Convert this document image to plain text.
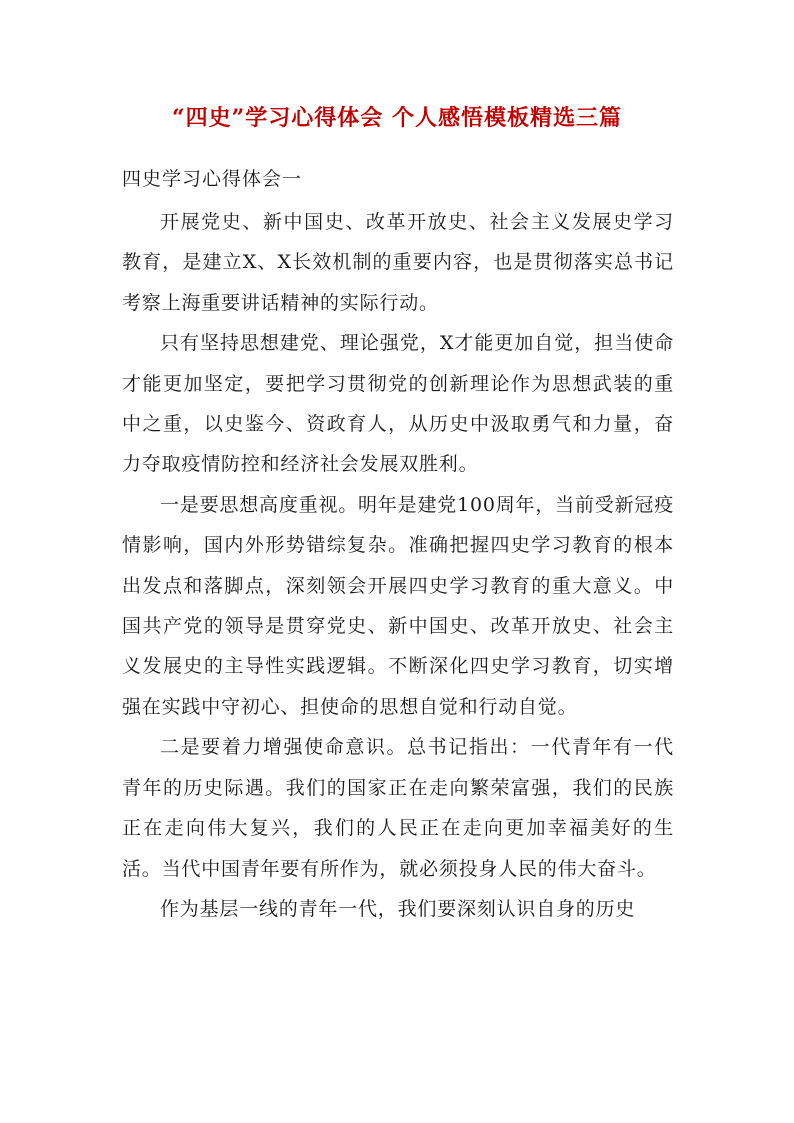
“四史”学习心得体会 个人感悟模板精选三篇
四史学习心得体会一

开展党史、新中国史、改革开放史、社会主义发展史学习教育，是建立X、X长效机制的重要内容，也是贯彻落实总书记考察上海重要讲话精神的实际行动。

只有坚持思想建党、理论强党，X才能更加自觉，担当使命才能更加坚定，要把学习贯彻党的创新理论作为思想武装的重中之重，以史鉴今、资政育人，从历史中汲取勇气和力量，奋力夺取疫情防控和经济社会发展双胜利。

一是要思想高度重视。明年是建党100周年，当前受新冠疫情影响，国内外形势错综复杂。准确把握四史学习教育的根本出发点和落脚点，深刻领会开展四史学习教育的重大意义。中国共产党的领导是贯穿党史、新中国史、改革开放史、社会主义发展史的主导性实践逻辑。不断深化四史学习教育，切实增强在实践中守初心、担使命的思想自觉和行动自觉。

二是要着力增强使命意识。总书记指出：一代青年有一代青年的历史际遇。我们的国家正在走向繁荣富强，我们的民族正在走向伟大复兴，我们的人民正在走向更加幸福美好的生活。当代中国青年要有所作为，就必须投身人民的伟大奋斗。

作为基层一线的青年一代，我们要深刻认识自身的历史
